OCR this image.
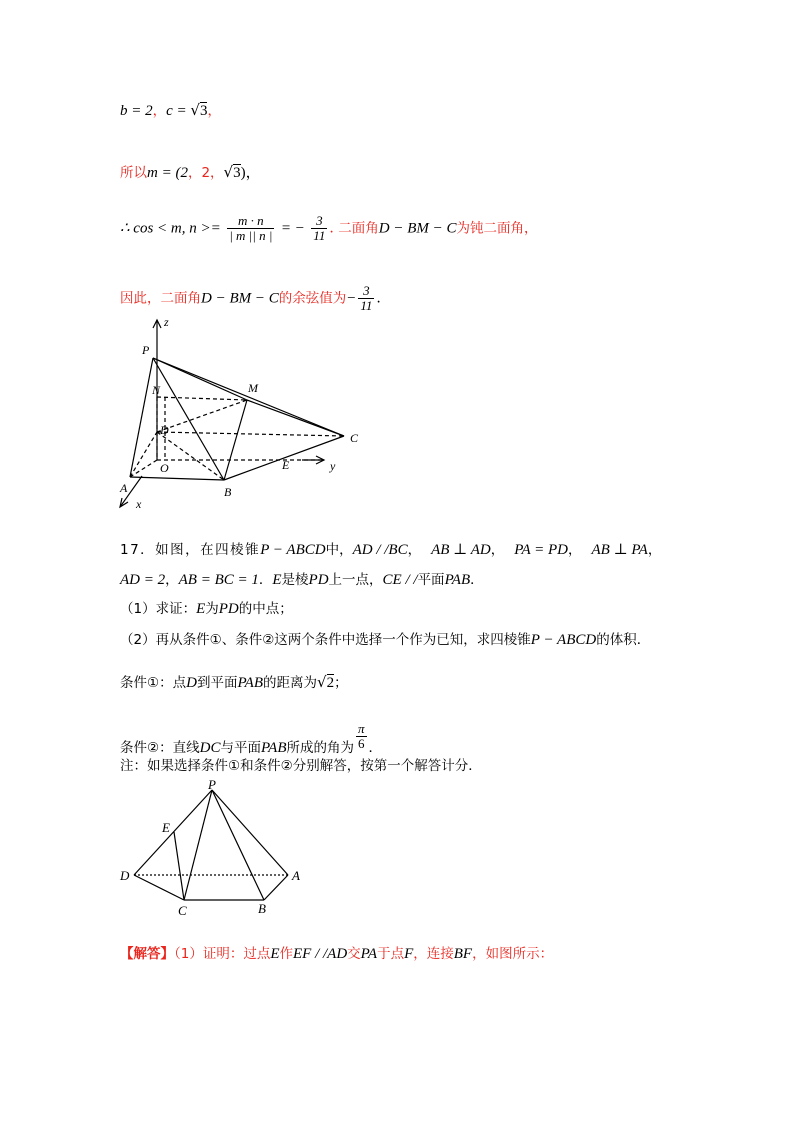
b = 2，c = √3，
所以m = (2，2，√3)，
∴ cos < m, $n >= \frac{m \cdot n}{| m || n |}$ = − $\frac{3}{11}$ . 二面角D − BM − C为钝二面角，
因此，二面角D − BM − C的余弦值为− $\frac{3}{11}$ .
z
P
N	M
D
C
O	E	y
A
x
B
17．如图，在四棱锥P − ABCD中，AD / /BC， AB ⊥ AD， PA = PD， AB ⊥ PA，
AD = 2，AB = BC = 1．E是棱PD上一点，CE / /平面PAB．
（1）求证：E为PD的中点；
（2）再从条件①、条件②这两个条件中选择一个作为已知，求四棱锥P − ABCD的体积．
条件①：点D到平面PAB的距离为√2；
条件②：直线DC与平面PAB所成的角为 $\frac{\pi}{6}$ ．
注：如果选择条件①和条件②分别解答，按第一个解答计分．
P
E
D	A
C	B
【解答】（1）证明：过点E作EF / /AD交PA于点F，连接BF，如图所示：
